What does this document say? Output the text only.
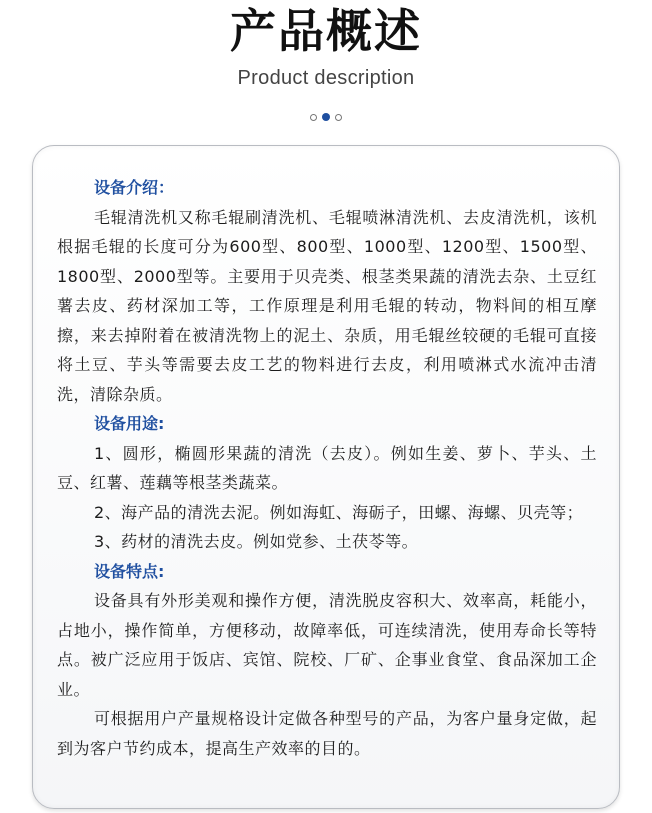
产品概述
Product description

设备介绍：

毛辊清洗机又称毛辊刷清洗机、毛辊喷淋清洗机、去皮清洗机，该机根据毛辊的长度可分为600型、800型、1000型、1200型、1500型、1800型、2000型等。主要用于贝壳类、根茎类果蔬的清洗去杂、土豆红薯去皮、药材深加工等，工作原理是利用毛辊的转动，物料间的相互摩擦，来去掉附着在被清洗物上的泥土、杂质，用毛辊丝较硬的毛辊可直接将土豆、芋头等需要去皮工艺的物料进行去皮，利用喷淋式水流冲击清洗，清除杂质。

设备用途:

1、圆形，椭圆形果蔬的清洗（去皮）。例如生姜、萝卜、芋头、土豆、红薯、莲藕等根茎类蔬菜。

2、海产品的清洗去泥。例如海虹、海砺子，田螺、海螺、贝壳等；

3、药材的清洗去皮。例如党参、土茯苓等。

设备特点:

设备具有外形美观和操作方便，清洗脱皮容积大、效率高，耗能小，占地小，操作简单，方便移动，故障率低，可连续清洗，使用寿命长等特点。被广泛应用于饭店、宾馆、院校、厂矿、企事业食堂、食品深加工企业。

可根据用户产量规格设计定做各种型号的产品，为客户量身定做，起到为客户节约成本，提高生产效率的目的。
